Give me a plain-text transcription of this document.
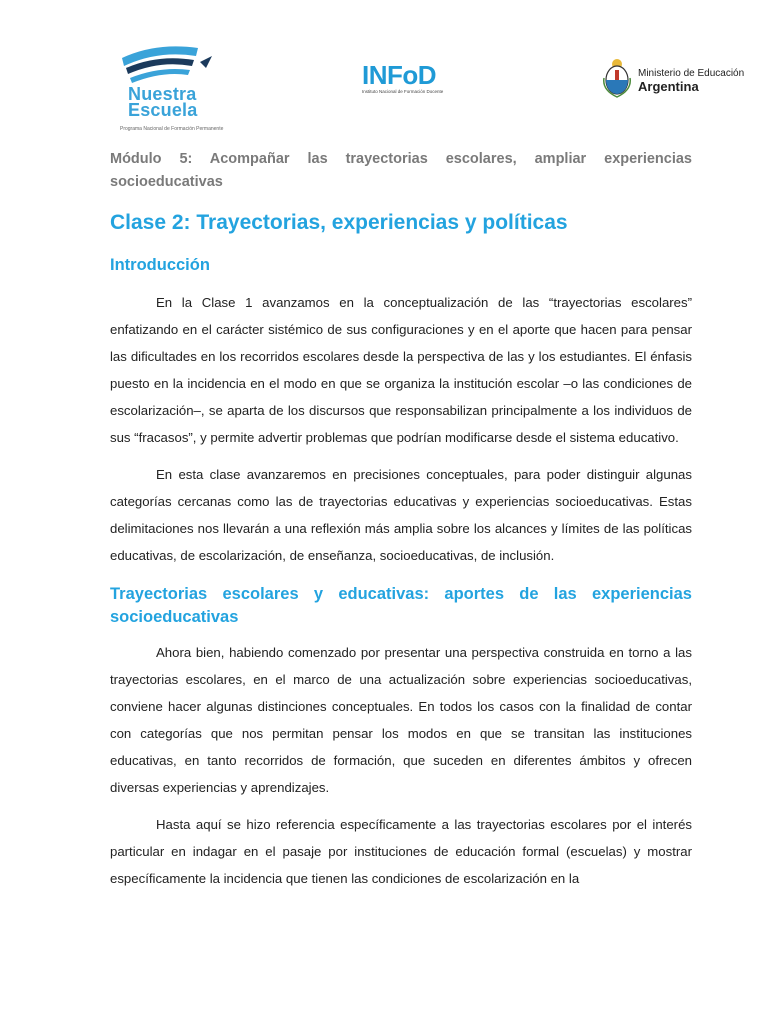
Nuestra
Escuela
Programa Nacional de Formación Permanente
INFoD
Instituto Nacional de Formación Docente
Ministerio de Educación
Argentina

Módulo 5: Acompañar las trayectorias escolares, ampliar experiencias socioeducativas

Clase 2: Trayectorias, experiencias y políticas
Introducción

En la Clase 1 avanzamos en la conceptualización de las “trayectorias escolares” enfatizando en el carácter sistémico de sus configuraciones y en el aporte que hacen para pensar las dificultades en los recorridos escolares desde la perspectiva de las y los estudiantes. El énfasis puesto en la incidencia en el modo en que se organiza la institución escolar –o las condiciones de escolarización–, se aparta de los discursos que responsabilizan principalmente a los individuos de sus “fracasos”, y permite advertir problemas que podrían modificarse desde el sistema educativo.

En esta clase avanzaremos en precisiones conceptuales, para poder distinguir algunas categorías cercanas como las de trayectorias educativas y experiencias socioeducativas. Estas delimitaciones nos llevarán a una reflexión más amplia sobre los alcances y límites de las políticas educativas, de escolarización, de enseñanza, socioeducativas, de inclusión.

Trayectorias escolares y educativas: aportes de las experiencias socioeducativas

Ahora bien, habiendo comenzado por presentar una perspectiva construida en torno a las trayectorias escolares, en el marco de una actualización sobre experiencias socioeducativas, conviene hacer algunas distinciones conceptuales. En todos los casos con la finalidad de contar con categorías que nos permitan pensar los modos en que se transitan las instituciones educativas, en tanto recorridos de formación, que suceden en diferentes ámbitos y ofrecen diversas experiencias y aprendizajes.

Hasta aquí se hizo referencia específicamente a las trayectorias escolares por el interés particular en indagar en el pasaje por instituciones de educación formal (escuelas) y mostrar específicamente la incidencia que tienen las condiciones de escolarización en la
